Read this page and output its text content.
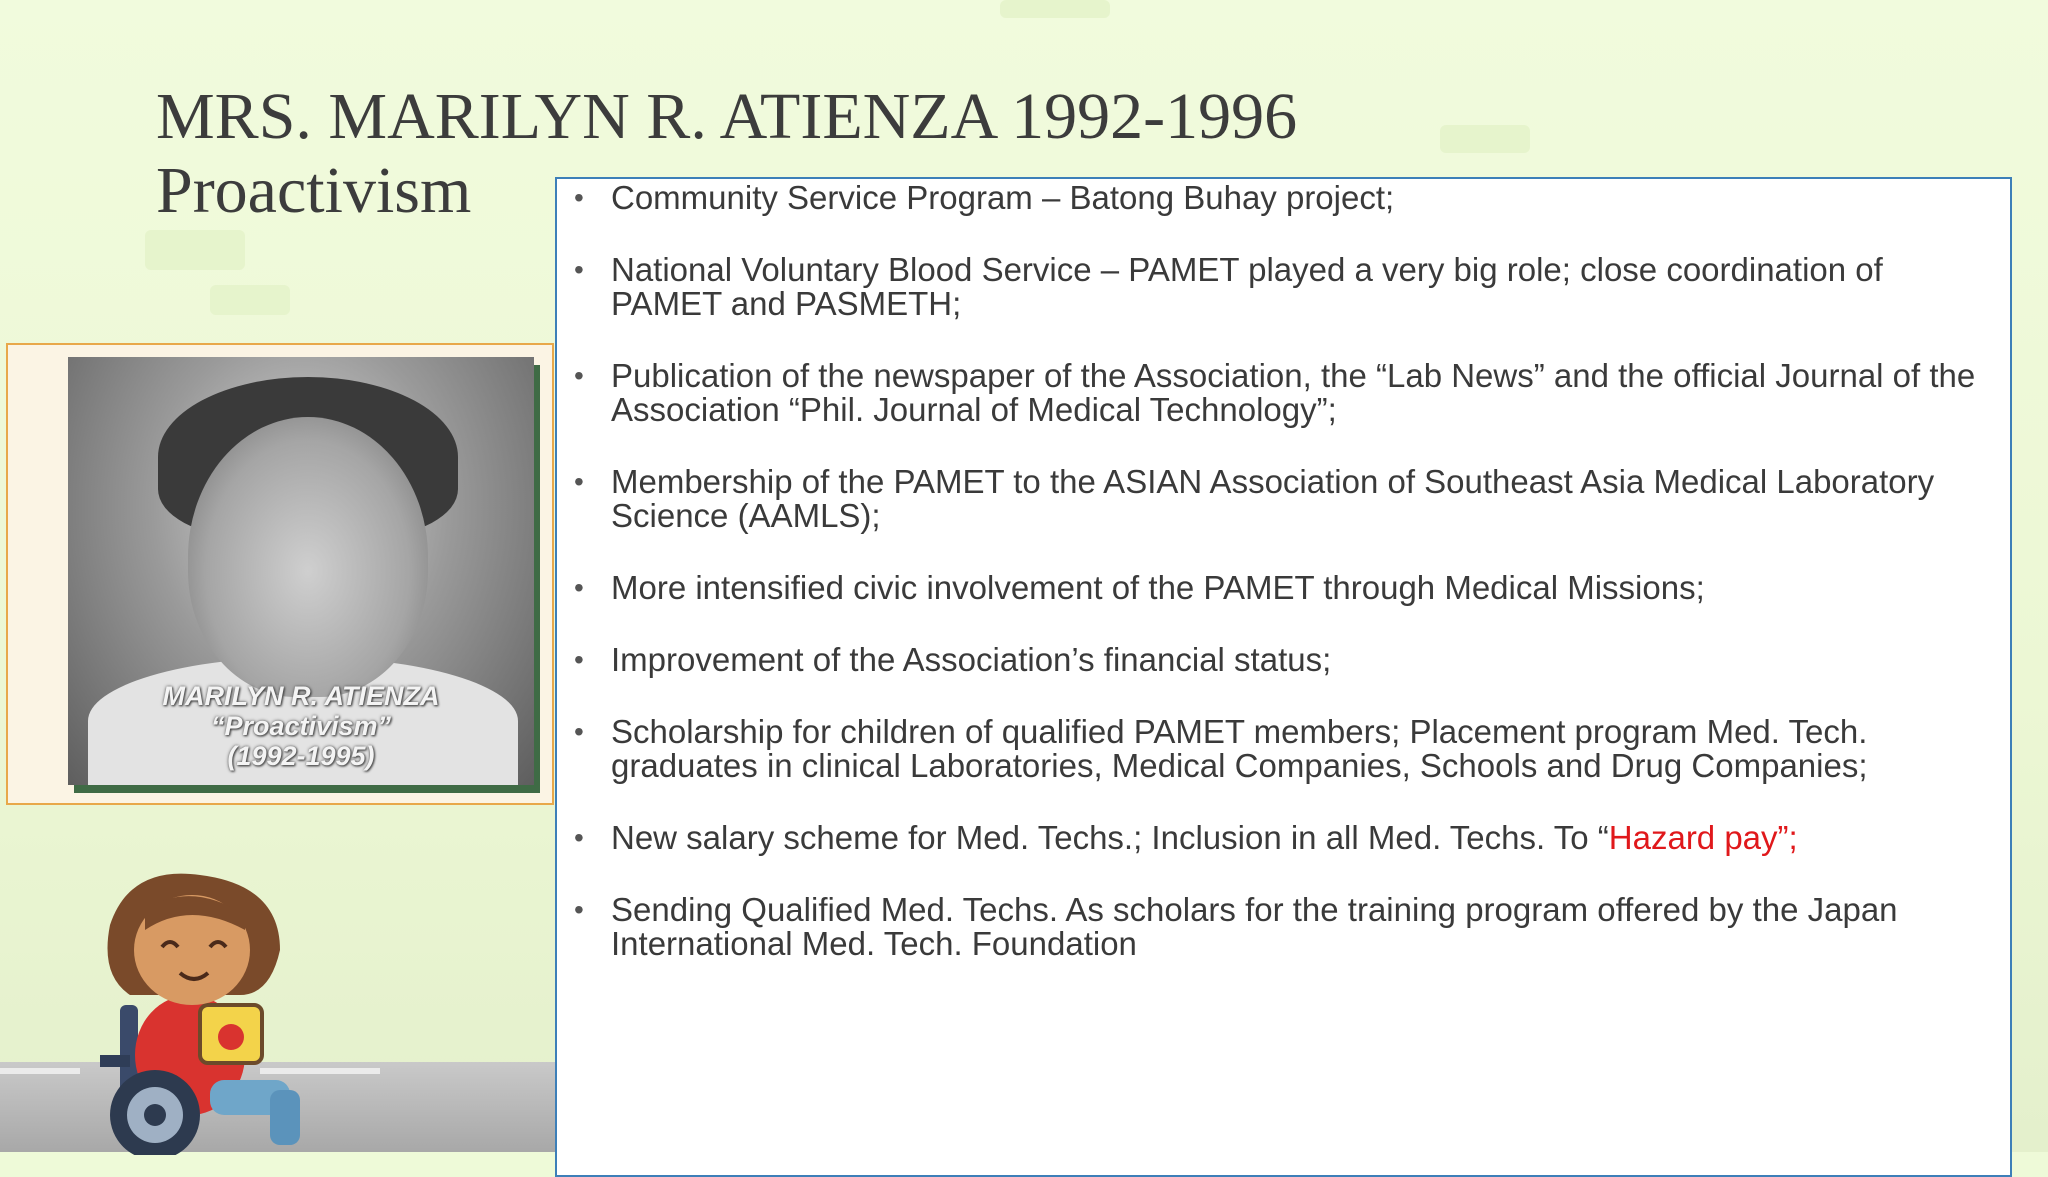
MRS. MARILYN R. ATIENZA 1992-1996
Proactivism
MARILYN R. ATIENZA
“Proactivism”
(1992-1995)
• Community Service Program – Batong Buhay project;
• National Voluntary Blood Service – PAMET played a very big role; close coordination of PAMET and PASMETH;
• Publication of the newspaper of the Association, the “Lab News” and the official Journal of the Association “Phil. Journal of Medical Technology”;
• Membership of the PAMET to the ASIAN Association of Southeast Asia Medical Laboratory Science (AAMLS);
• More intensified civic involvement of the PAMET through Medical Missions;
• Improvement of the Association’s financial status;
• Scholarship for children of qualified PAMET members; Placement program Med. Tech. graduates in clinical Laboratories, Medical Companies, Schools and Drug Companies;
• New salary scheme for Med. Techs.; Inclusion in all Med. Techs. To “Hazard pay”;
• Sending Qualified Med. Techs. As scholars for the training program offered by the Japan International Med. Tech. Foundation
